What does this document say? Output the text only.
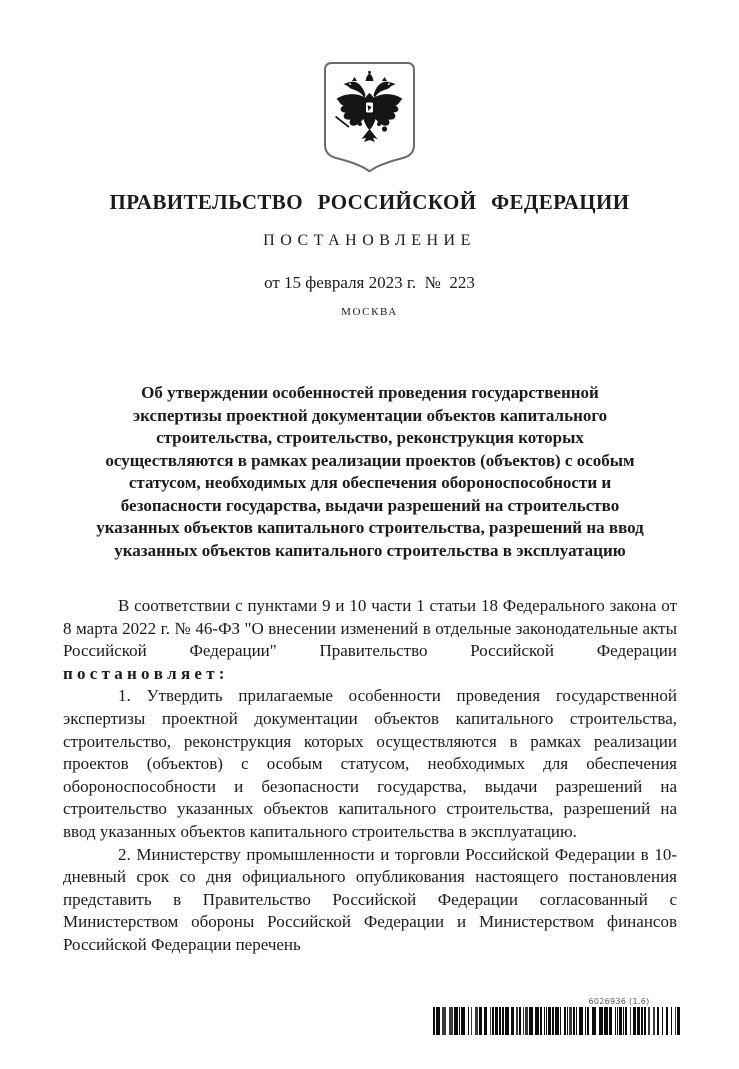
ПРАВИТЕЛЬСТВО РОССИЙСКОЙ ФЕДЕРАЦИИ
ПОСТАНОВЛЕНИЕ
от 15 февраля 2023 г.  №  223
МОСКВА
Об утверждении особенностей проведения государственной
экспертизы проектной документации объектов капитального
строительства, строительство, реконструкция которых
осуществляются в рамках реализации проектов (объектов) с особым
статусом, необходимых для обеспечения обороноспособности и
безопасности государства, выдачи разрешений на строительство
указанных объектов капитального строительства, разрешений на ввод
указанных объектов капитального строительства в эксплуатацию

В соответствии с пунктами 9 и 10 части 1 статьи 18 Федерального закона от 8 марта 2022 г. № 46-ФЗ "О внесении изменений в отдельные законодательные акты Российской Федерации" Правительство Российской Федерации п о с т а н о в л я е т :

1. Утвердить прилагаемые особенности проведения государственной экспертизы проектной документации объектов капитального строительства, строительство, реконструкция которых осуществляются в рамках реализации проектов (объектов) с особым статусом, необходимых для обеспечения обороноспособности и безопасности государства, выдачи разрешений на строительство указанных объектов капитального строительства, разрешений на ввод указанных объектов капитального строительства в эксплуатацию.

2. Министерству промышленности и торговли Российской Федерации в 10-дневный срок со дня официального опубликования настоящего постановления представить в Правительство Российской Федерации согласованный с Министерством обороны Российской Федерации и Министерством финансов Российской Федерации перечень

6026936 (1.6)
